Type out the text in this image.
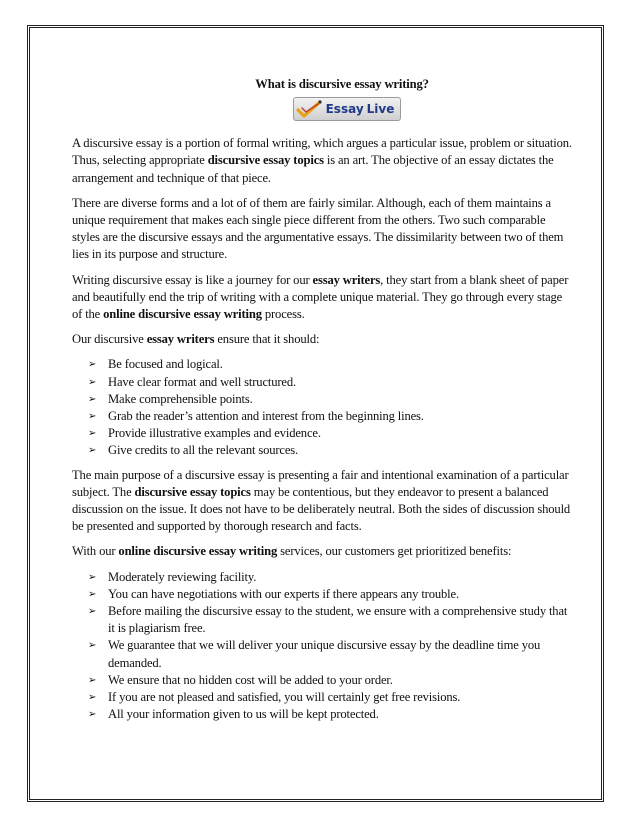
What is discursive essay writing?
Essay Live

A discursive essay is a portion of formal writing, which argues a particular issue, problem or situation. Thus, selecting appropriate discursive essay topics is an art. The objective of an essay dictates the arrangement and technique of that piece.

There are diverse forms and a lot of of them are fairly similar. Although, each of them maintains a unique requirement that makes each single piece different from the others. Two such comparable styles are the discursive essays and the argumentative essays. The dissimilarity between two of them lies in its purpose and structure.

Writing discursive essay is like a journey for our essay writers, they start from a blank sheet of paper and beautifully end the trip of writing with a complete unique material. They go through every stage of the online discursive essay writing process.

Our discursive essay writers ensure that it should:

➢ Be focused and logical.
➢ Have clear format and well structured.
➢ Make comprehensible points.
➢ Grab the reader’s attention and interest from the beginning lines.
➢ Provide illustrative examples and evidence.
➢ Give credits to all the relevant sources.

The main purpose of a discursive essay is presenting a fair and intentional examination of a particular subject. The discursive essay topics may be contentious, but they endeavor to present a balanced discussion on the issue. It does not have to be deliberately neutral. Both the sides of discussion should be presented and supported by thorough research and facts.

With our online discursive essay writing services, our customers get prioritized benefits:

➢ Moderately reviewing facility.
➢ You can have negotiations with our experts if there appears any trouble.
➢ Before mailing the discursive essay to the student, we ensure with a comprehensive study that it is plagiarism free.
➢ We guarantee that we will deliver your unique discursive essay by the deadline time you demanded.
➢ We ensure that no hidden cost will be added to your order.
➢ If you are not pleased and satisfied, you will certainly get free revisions.
➢ All your information given to us will be kept protected.
